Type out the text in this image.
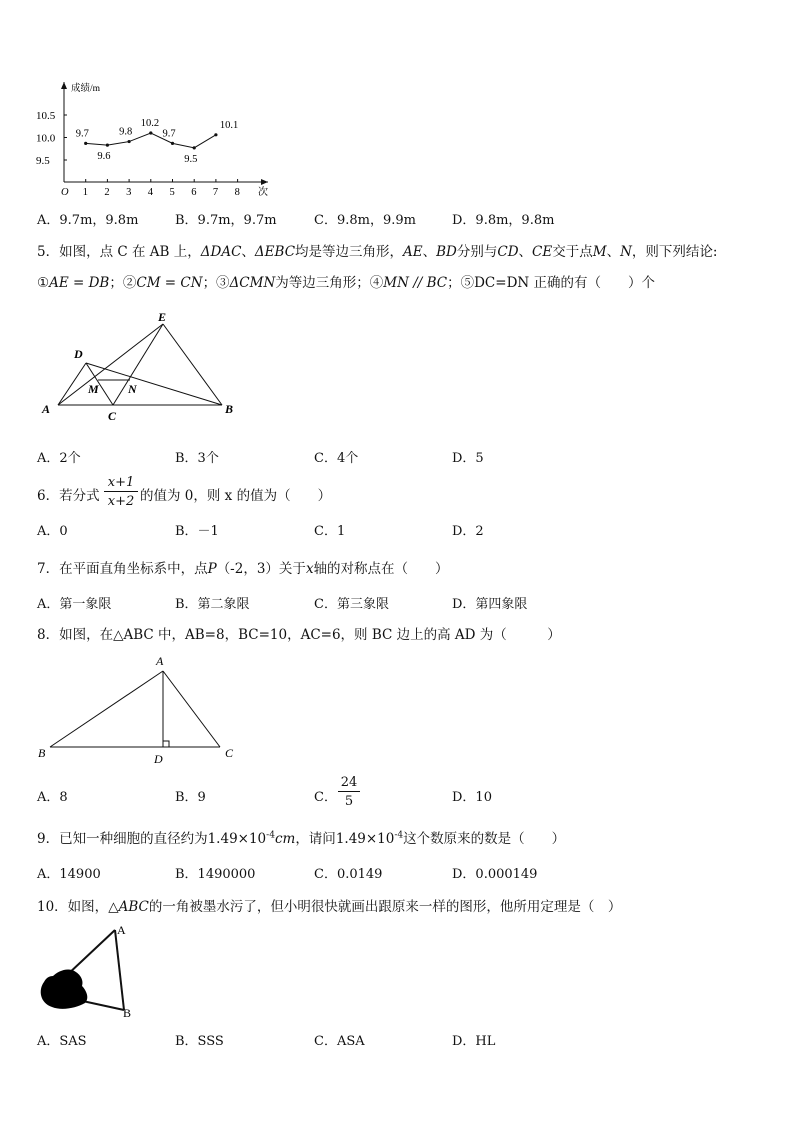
成绩/m
次
O 1 2 3 4 5 6 7 8
9.5
10.0
10.5
9.7
9.6
9.8
10.2
9.7
9.5
10.1
A．9.7m，9.8m	B．9.7m，9.7m	C．9.8m，9.9m	D．9.8m，9.8m
5．如图，点 C 在 AB 上，ΔDAC、ΔEBC均是等边三角形，AE、BD分别与CD、CE交于点M、N，则下列结论:
①AE = DB；②CM = CN；③ΔCMN为等边三角形；④MN // BC；⑤DC=DN 正确的有（　　）个
E
D
M N
A	C	B
A．2个	B．3个	C．4个	D．5
6．若分式 $\frac{x+1}{x+2}$ 的值为 0，则 x 的值为（　　）
A．0	B．－1	C．1	D．2
7．在平面直角坐标系中，点P（-2，3）关于x轴的对称点在（　　）
A．第一象限	B．第二象限	C．第三象限	D．第四象限
8．如图，在△ABC 中，AB=8，BC=10，AC=6，则 BC 边上的高 AD 为（　　　）
A
B	C
D
A．8	B．9	C． $\frac{24}{5}$	D．10
9．已知一种细胞的直径约为$1.49\times 10^{-4}cm$，请问$1.49\times 10^{-4}$这个数原来的数是（　　）
A．14900	B．1490000	C．0.0149	D．0.000149
10．如图，△ABC的一角被墨水污了，但小明很快就画出跟原来一样的图形，他所用定理是（　）
A
B
A．SAS	B．SSS	C．ASA	D．HL
